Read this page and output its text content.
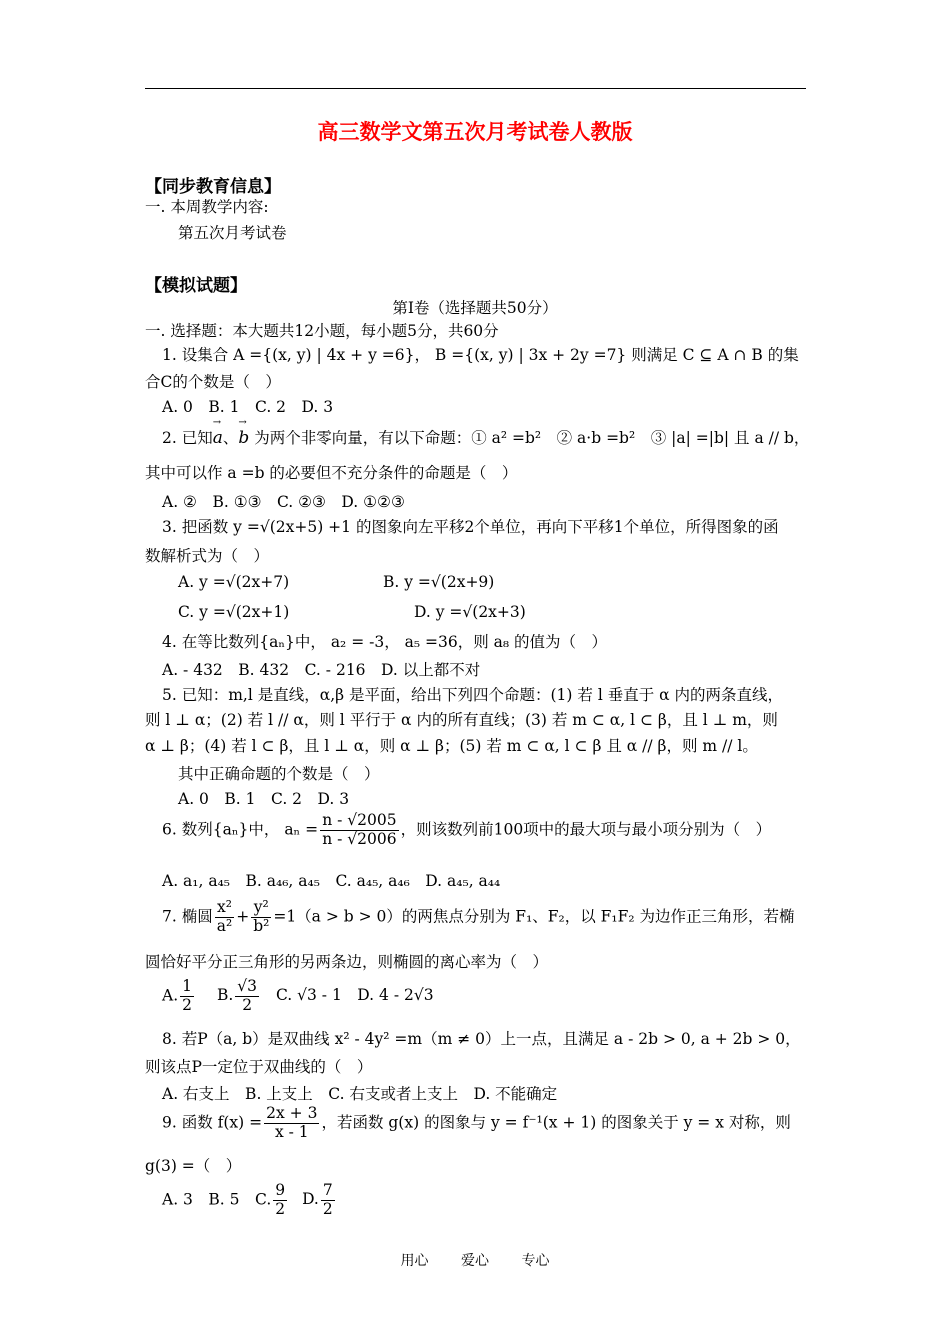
高三数学文第五次月考试卷人教版
【同步教育信息】
一. 本周教学内容:
第五次月考试卷
【模拟试题】
第I卷（选择题共50分）
一. 选择题：本大题共12小题，每小题5分，共60分
1. 设集合 A ={(x, y) | 4x + y =6}， B ={(x, y) | 3x + 2y =7} 则满足 C ⊆ A ∩ B 的集
合C的个数是（　）
A. 0　B. 1　C. 2　D. 3
2. 已知→ a、→ b 为两个非零向量，有以下命题：① a² =b²　② a·b =b²　③ |a| =|b| 且 a // b，
其中可以作 a =b 的必要但不充分条件的命题是（　）
A. ②　B. ①③　C. ②③　D. ①②③
3. 把函数 y =√(2x+5) +1 的图象向左平移2个单位，再向下平移1个单位，所得图象的函
数解析式为（　）
A. y =√(2x+7)	B. y =√(2x+9)
C. y =√(2x+1)	D. y =√(2x+3)
4. 在等比数列{aₙ}中， a₂ = -3， a₅ =36，则 a₈ 的值为（　）
A. - 432　B. 432　C. - 216　D. 以上都不对
5. 已知：m,l 是直线，α,β 是平面，给出下列四个命题：(1) 若 l 垂直于 α 内的两条直线，
则 l ⊥ α；(2) 若 l // α，则 l 平行于 α 内的所有直线；(3) 若 m ⊂ α, l ⊂ β，且 l ⊥ m，则
α ⊥ β；(4) 若 l ⊂ β，且 l ⊥ α，则 α ⊥ β；(5) 若 m ⊂ α, l ⊂ β 且 α // β，则 m // l。
其中正确命题的个数是（　）
A. 0　B. 1　C. 2　D. 3
6. 数列{aₙ}中， $a_n = \frac{n - √2005}{n - √2006}$ ，则该数列前100项中的最大项与最小项分别为（　）
A. a₁, a₄₅　B. a₄₆, a₄₅　C. a₄₅, a₄₆　D. a₄₅, a₄₄
7. 椭圆 $\frac{\text{x²}}{\text{a²}} + \frac{\text{y²}}{\text{b²}} =1(a > b > 0)$的两焦点分别为 F₁、F₂，以 F₁F₂ 为边作正三角形，若椭
圆恰好平分正三角形的另两条边，则椭圆的离心率为（　）
A. $\frac{1}{2} B$. $\frac{√3}{2} C$. √3 - 1　D. 4 - 2√3
8. 若P（a, b）是双曲线 x² - 4y² =m（m ≠ 0）上一点，且满足 a - 2b > 0, a + 2b > 0，
则该点P一定位于双曲线的（　）
A. 右支上　B. 上支上　C. 右支或者上支上　D. 不能确定
9. 函数 $f(x) = \frac{2x + 3}{x - 1}$ ，若函数 g(x) 的图象与 y = f⁻¹(x + 1) 的图象关于 y = x 对称，则
g(3) =（　）
A. 3　B. 5　C. $\frac{9}{2} D$. $\frac{7}{2}$
用心 爱心 专心
